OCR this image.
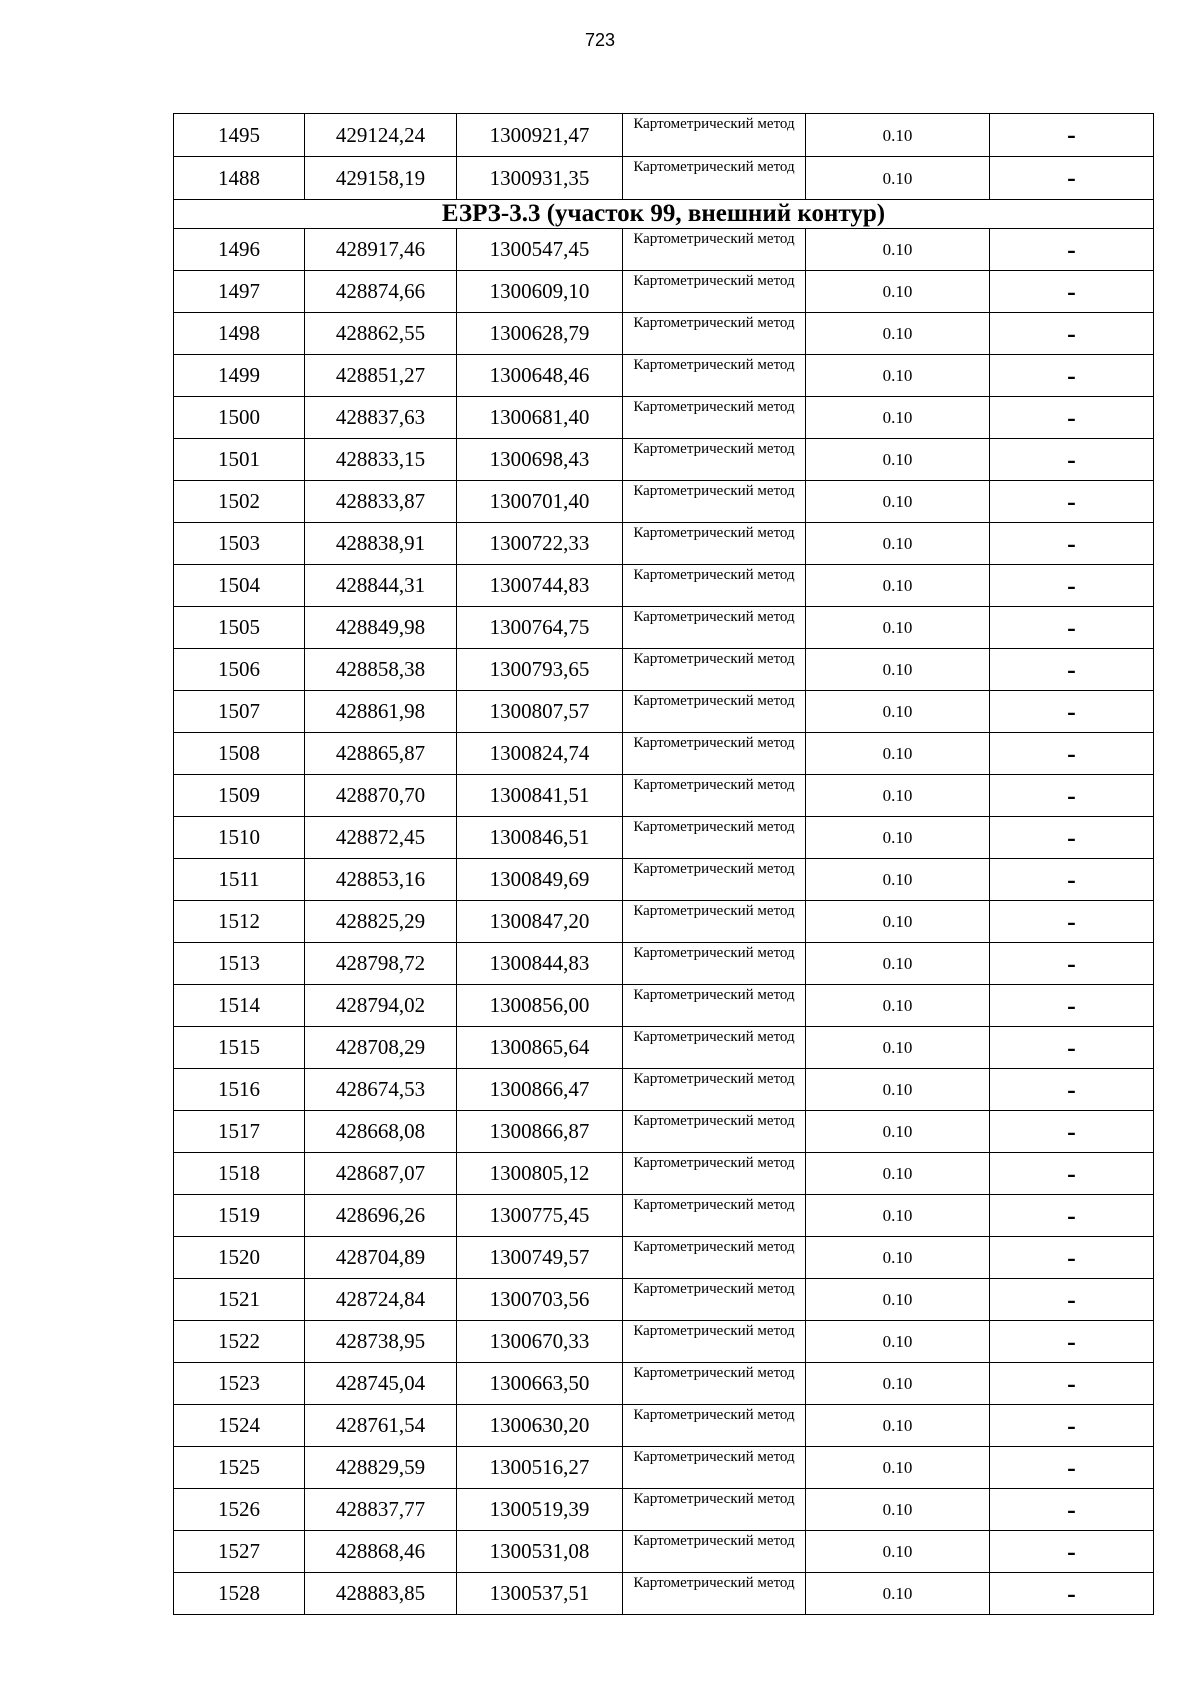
723
1495	429124,24	1300921,47	Картометрический метод	0.10	-
1488	429158,19	1300931,35	Картометрический метод	0.10	-
ЕЗРЗ-3.3 (участок 99, внешний контур)					
1496	428917,46	1300547,45	Картометрический метод	0.10	-
1497	428874,66	1300609,10	Картометрический метод	0.10	-
1498	428862,55	1300628,79	Картометрический метод	0.10	-
1499	428851,27	1300648,46	Картометрический метод	0.10	-
1500	428837,63	1300681,40	Картометрический метод	0.10	-
1501	428833,15	1300698,43	Картометрический метод	0.10	-
1502	428833,87	1300701,40	Картометрический метод	0.10	-
1503	428838,91	1300722,33	Картометрический метод	0.10	-
1504	428844,31	1300744,83	Картометрический метод	0.10	-
1505	428849,98	1300764,75	Картометрический метод	0.10	-
1506	428858,38	1300793,65	Картометрический метод	0.10	-
1507	428861,98	1300807,57	Картометрический метод	0.10	-
1508	428865,87	1300824,74	Картометрический метод	0.10	-
1509	428870,70	1300841,51	Картометрический метод	0.10	-
1510	428872,45	1300846,51	Картометрический метод	0.10	-
1511	428853,16	1300849,69	Картометрический метод	0.10	-
1512	428825,29	1300847,20	Картометрический метод	0.10	-
1513	428798,72	1300844,83	Картометрический метод	0.10	-
1514	428794,02	1300856,00	Картометрический метод	0.10	-
1515	428708,29	1300865,64	Картометрический метод	0.10	-
1516	428674,53	1300866,47	Картометрический метод	0.10	-
1517	428668,08	1300866,87	Картометрический метод	0.10	-
1518	428687,07	1300805,12	Картометрический метод	0.10	-
1519	428696,26	1300775,45	Картометрический метод	0.10	-
1520	428704,89	1300749,57	Картометрический метод	0.10	-
1521	428724,84	1300703,56	Картометрический метод	0.10	-
1522	428738,95	1300670,33	Картометрический метод	0.10	-
1523	428745,04	1300663,50	Картометрический метод	0.10	-
1524	428761,54	1300630,20	Картометрический метод	0.10	-
1525	428829,59	1300516,27	Картометрический метод	0.10	-
1526	428837,77	1300519,39	Картометрический метод	0.10	-
1527	428868,46	1300531,08	Картометрический метод	0.10	-
1528	428883,85	1300537,51	Картометрический метод	0.10	-
